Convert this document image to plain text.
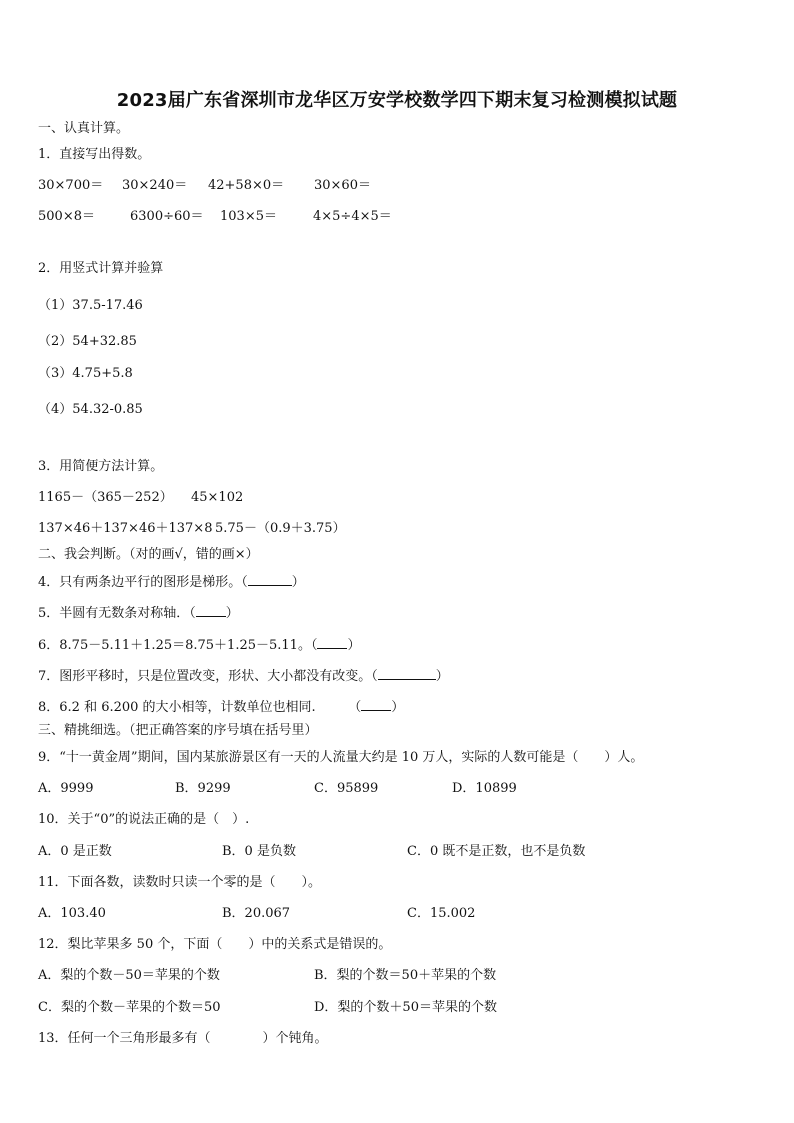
2023届广东省深圳市龙华区万安学校数学四下期末复习检测模拟试题
一、认真计算。
1．直接写出得数。
30×700＝ 30×240＝ 42+58×0＝ 30×60＝
500×8＝	6300÷60＝ 103×5＝	4×5÷4×5＝
2．用竖式计算并验算
（1）37.5-17.46
（2）54+32.85
（3）4.75+5.8
（4）54.32-0.85
3．用简便方法计算。
1165－（365－252） 45×102
137×46＋137×46＋137×8 5.75－（0.9＋3.75）
二、我会判断。（对的画√，错的画×）
4．只有两条边平行的图形是梯形。（	）
5．半圆有无数条对称轴．（ ）
6．8.75－5.11＋1.25＝8.75＋1.25－5.11。（ ）
7．图形平移时，只是位置改变，形状、大小都没有改变。（	）
8．6.2 和 6.200 的大小相等，计数单位也相同.　　　（ ）
三、精挑细选。（把正确答案的序号填在括号里）
9．“十一黄金周”期间，国内某旅游景区有一天的人流量大约是 10 万人，实际的人数可能是（　　）人。
A．9999	B．9299	C．95899	D．10899
10．关于“0”的说法正确的是（　）.
A．0 是正数	B．0 是负数	C．0 既不是正数，也不是负数
11．下面各数，读数时只读一个零的是（　　）。
A．103.40	B．20.067	C．15.002
12．梨比苹果多 50 个，下面（　　）中的关系式是错误的。
A．梨的个数－50＝苹果的个数	B．梨的个数＝50＋苹果的个数
C．梨的个数－苹果的个数＝50	D．梨的个数＋50＝苹果的个数
13．任何一个三角形最多有（　　　　）个钝角。
